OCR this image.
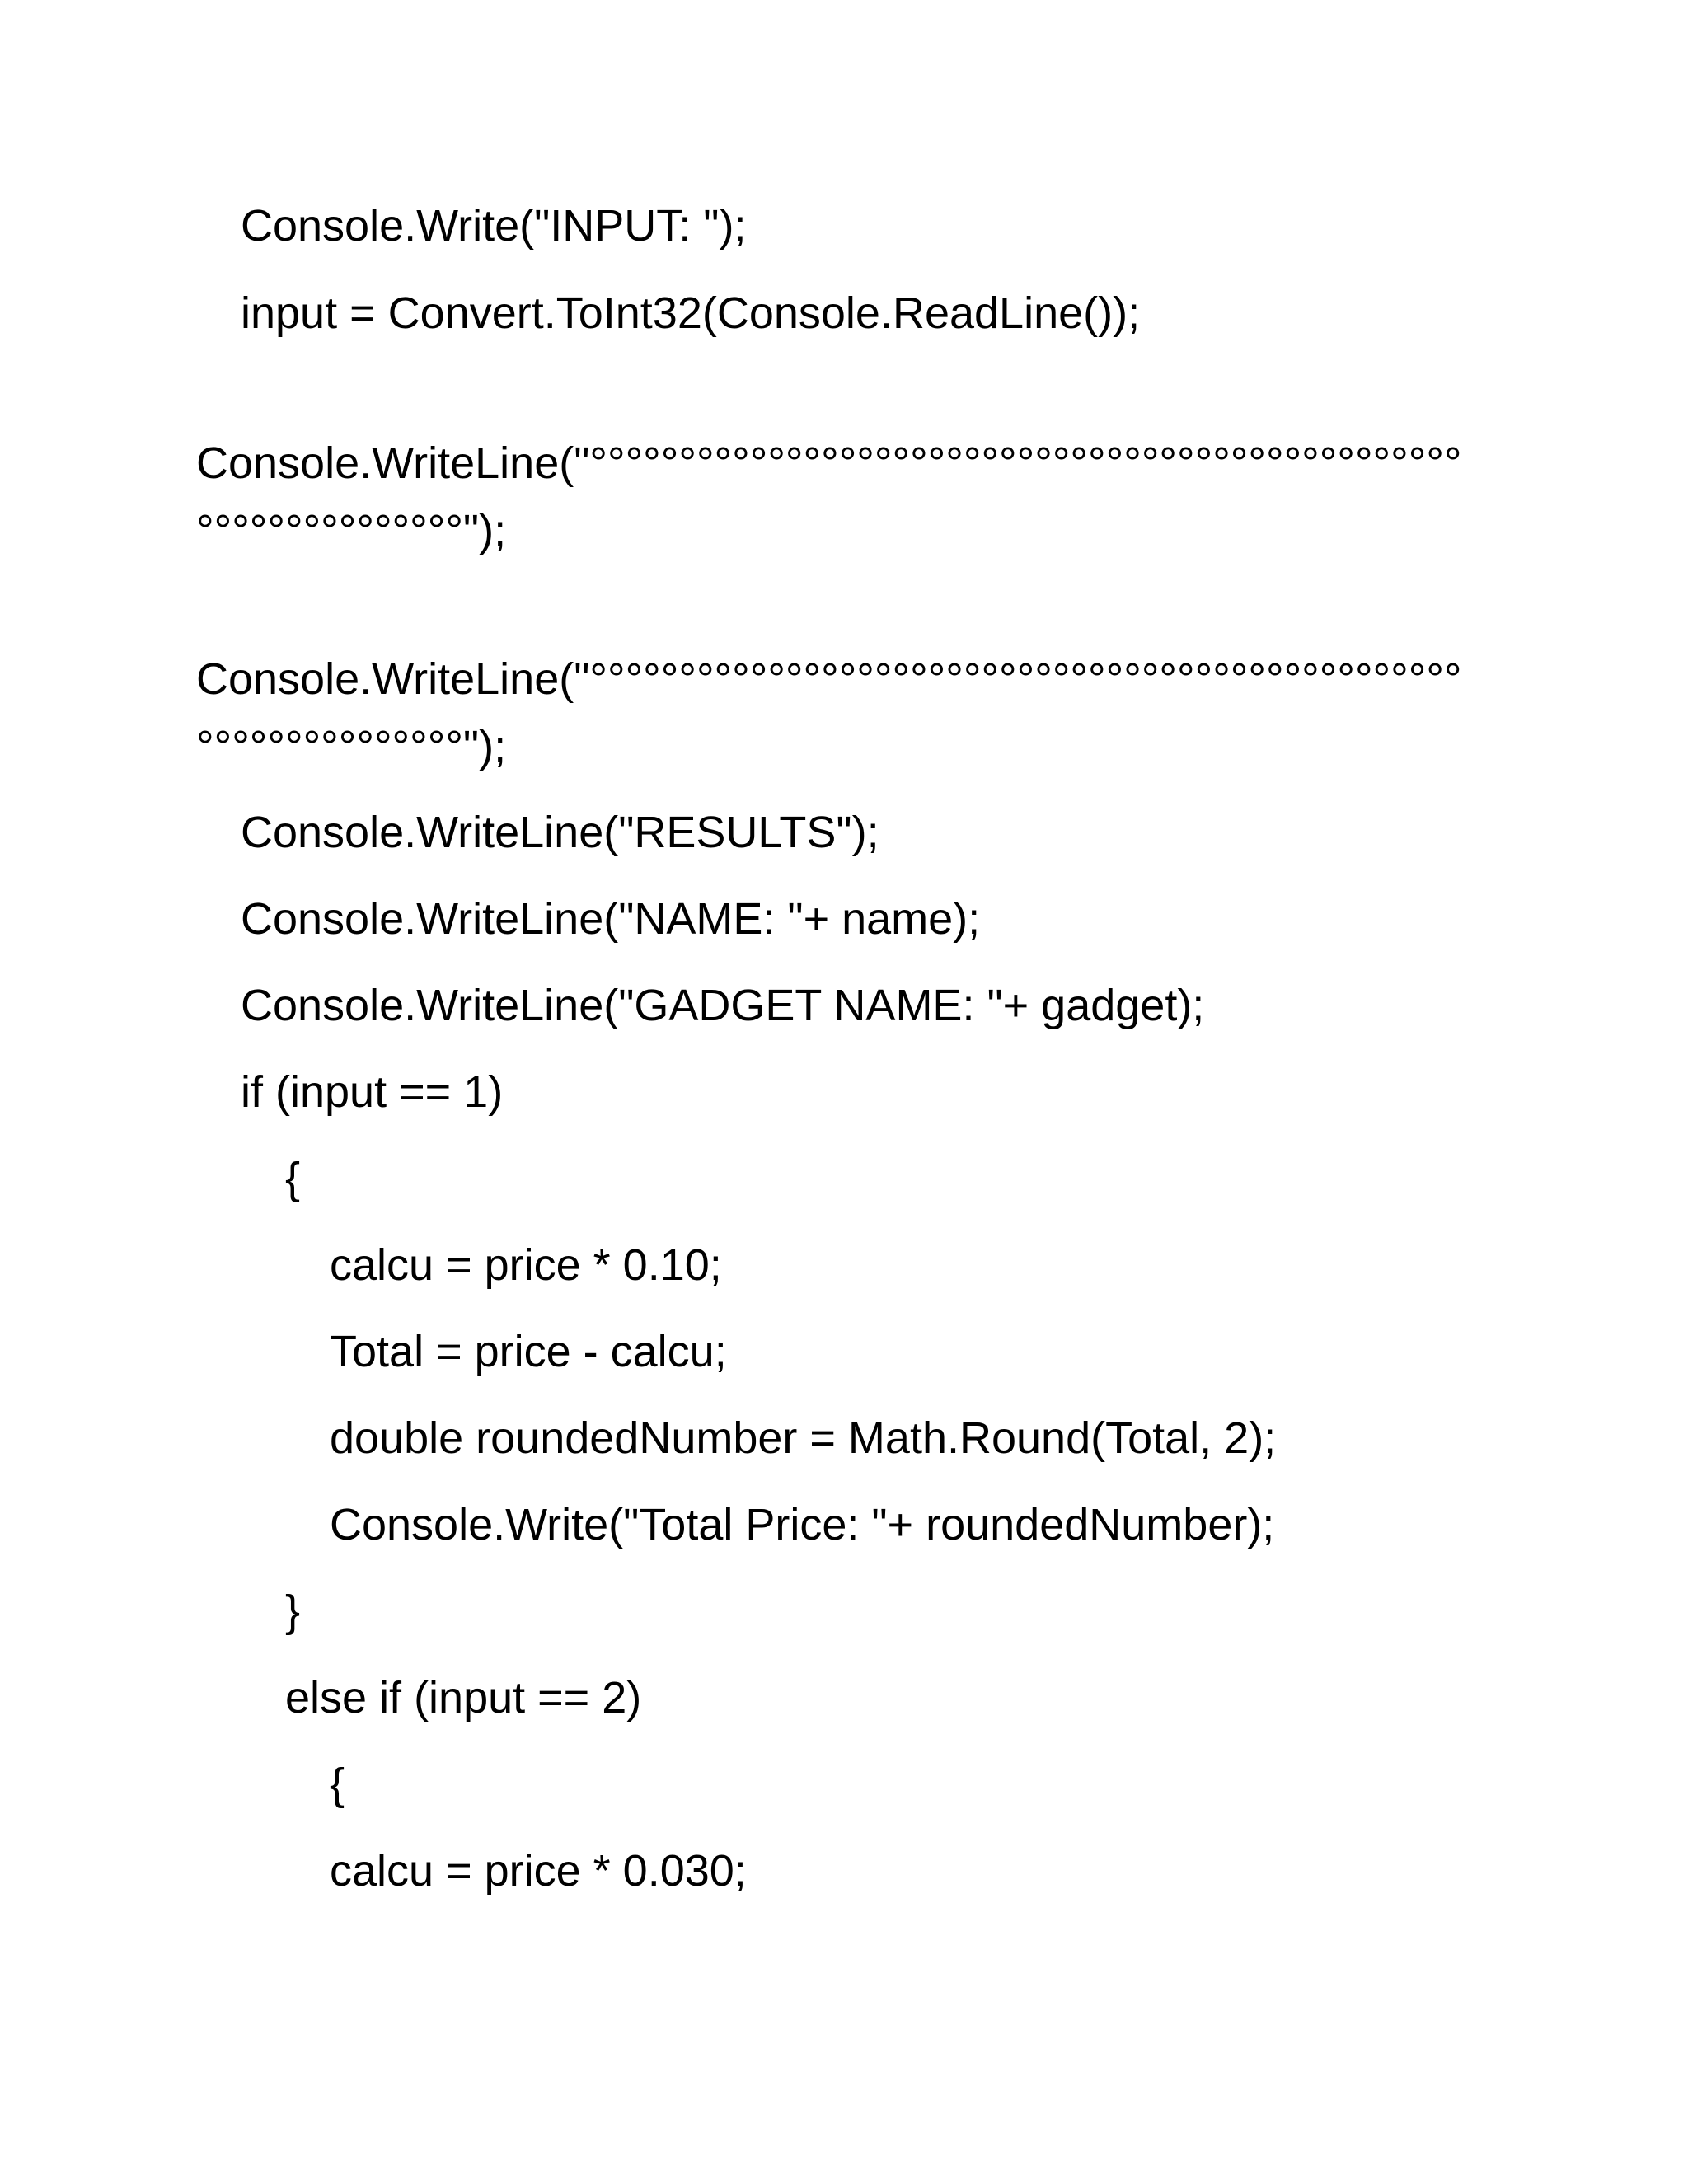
Console.Write("INPUT: ");
input = Convert.ToInt32(Console.ReadLine());
Console.WriteLine("°°°°°°°°°°°°°°°°°°°°°°°°°°°°°°°°°°°°°°°°°°°°°°°°°
°°°°°°°°°°°°°°°");
Console.WriteLine("°°°°°°°°°°°°°°°°°°°°°°°°°°°°°°°°°°°°°°°°°°°°°°°°°
°°°°°°°°°°°°°°°");
Console.WriteLine("RESULTS");
Console.WriteLine("NAME: "+ name);
Console.WriteLine("GADGET NAME: "+ gadget);
if (input == 1)
{
calcu = price * 0.10;
Total = price - calcu;
double roundedNumber = Math.Round(Total, 2);
Console.Write("Total Price: "+ roundedNumber);
}
else if (input == 2)
{
calcu = price * 0.030;
